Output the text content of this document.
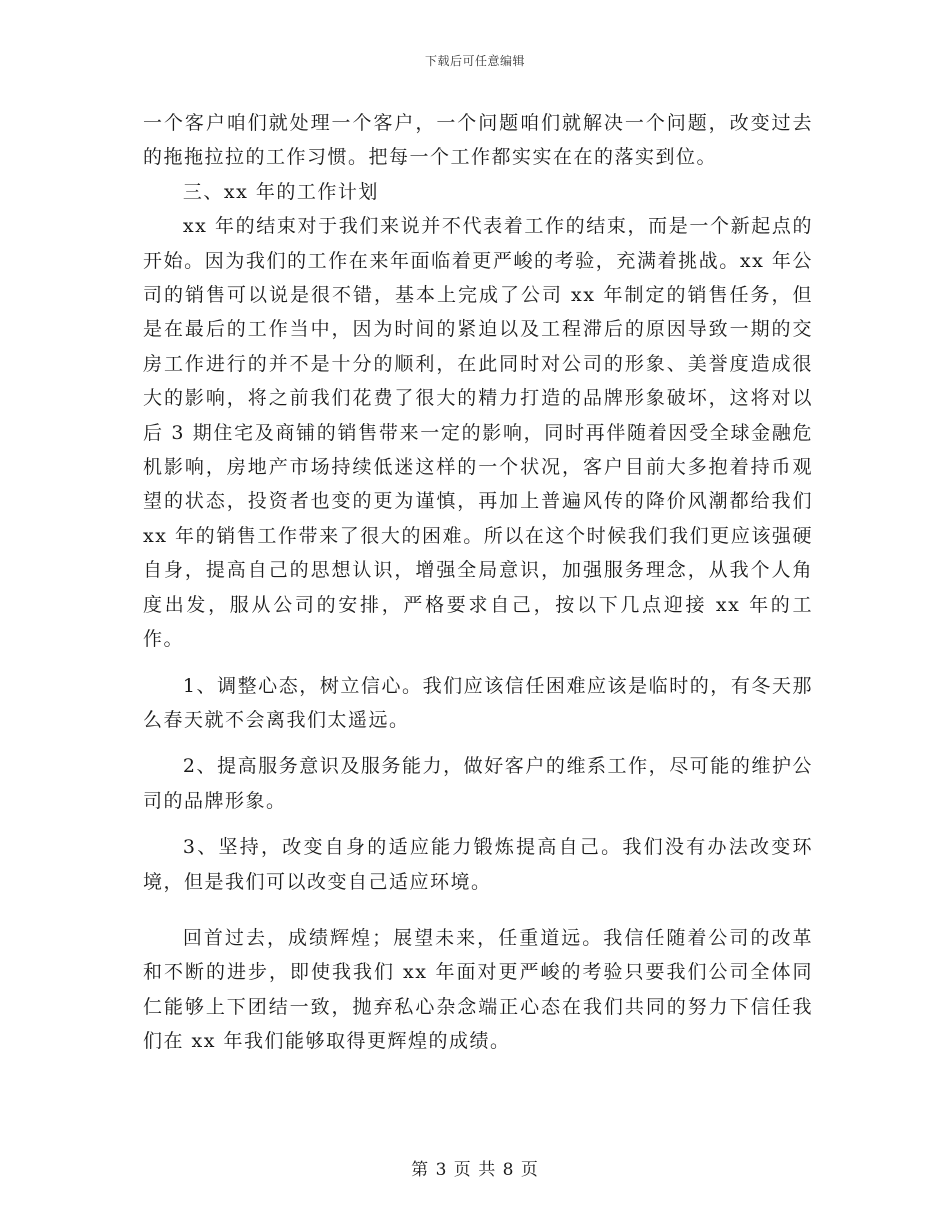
下载后可任意编辑

一个客户咱们就处理一个客户，一个问题咱们就解决一个问题，改变过去的拖拖拉拉的工作习惯。把每一个工作都实实在在的落实到位。

三、xx 年的工作计划

xx 年的结束对于我们来说并不代表着工作的结束，而是一个新起点的开始。因为我们的工作在来年面临着更严峻的考验，充满着挑战。xx 年公司的销售可以说是很不错，基本上完成了公司 xx 年制定的销售任务，但是在最后的工作当中，因为时间的紧迫以及工程滞后的原因导致一期的交房工作进行的并不是十分的顺利，在此同时对公司的形象、美誉度造成很大的影响，将之前我们花费了很大的精力打造的品牌形象破坏，这将对以后 3 期住宅及商铺的销售带来一定的影响，同时再伴随着因受全球金融危机影响，房地产市场持续低迷这样的一个状况，客户目前大多抱着持币观望的状态，投资者也变的更为谨慎，再加上普遍风传的降价风潮都给我们 xx 年的销售工作带来了很大的困难。所以在这个时候我们我们更应该强硬自身，提高自己的思想认识，增强全局意识，加强服务理念，从我个人角度出发，服从公司的安排，严格要求自己，按以下几点迎接 xx 年的工作。

1、调整心态，树立信心。我们应该信任困难应该是临时的，有冬天那么春天就不会离我们太遥远。

2、提高服务意识及服务能力，做好客户的维系工作，尽可能的维护公司的品牌形象。

3、坚持，改变自身的适应能力锻炼提高自己。我们没有办法改变环境，但是我们可以改变自己适应环境。

回首过去，成绩辉煌；展望未来，任重道远。我信任随着公司的改革和不断的进步，即使我我们 xx 年面对更严峻的考验只要我们公司全体同仁能够上下团结一致，抛弃私心杂念端正心态在我们共同的努力下信任我们在 xx 年我们能够取得更辉煌的成绩。

第 3 页 共 8 页
